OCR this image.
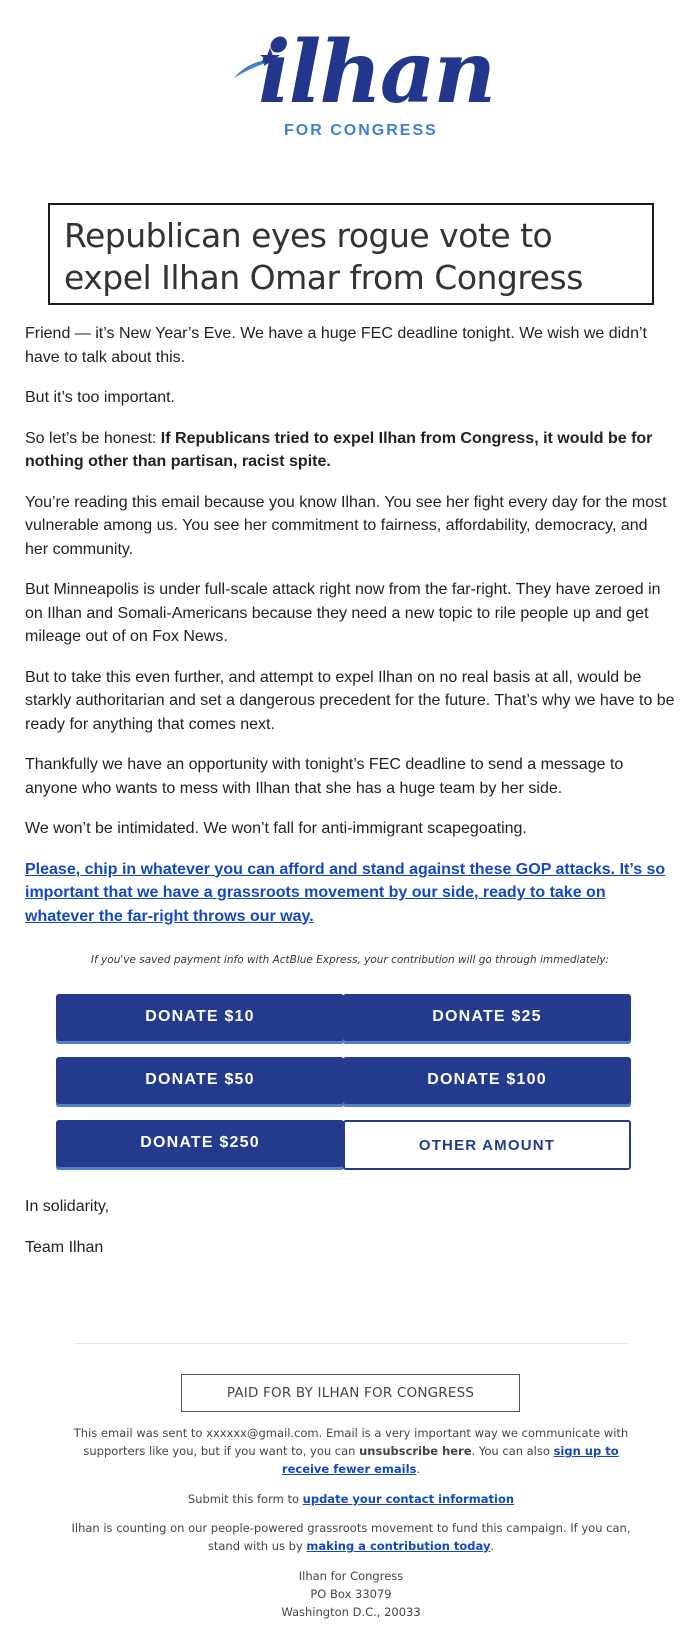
ilhan
FOR CONGRESS
Republican eyes rogue vote to expel Ilhan Omar from Congress

Friend — it’s New Year’s Eve. We have a huge FEC deadline tonight. We wish we didn’t have to talk about this.

But it’s too important.

So let’s be honest: If Republicans tried to expel Ilhan from Congress, it would be for nothing other than partisan, racist spite.

You’re reading this email because you know Ilhan. You see her fight every day for the most vulnerable among us. You see her commitment to fairness, affordability, democracy, and her community.

But Minneapolis is under full-scale attack right now from the far-right. They have zeroed in on Ilhan and Somali-Americans because they need a new topic to rile people up and get mileage out of on Fox News.

But to take this even further, and attempt to expel Ilhan on no real basis at all, would be starkly authoritarian and set a dangerous precedent for the future. That’s why we have to be ready for anything that comes next.

Thankfully we have an opportunity with tonight’s FEC deadline to send a message to anyone who wants to mess with Ilhan that she has a huge team by her side.

We won’t be intimidated. We won’t fall for anti-immigrant scapegoating.

Please, chip in whatever you can afford and stand against these GOP attacks. It’s so important that we have a grassroots movement by our side, ready to take on whatever the far-right throws our way.

If you've saved payment info with ActBlue Express, your contribution will go through immediately:
DONATE $10	DONATE $25
DONATE $50	DONATE $100
DONATE $250	OTHER AMOUNT

In solidarity,

Team Ilhan

PAID FOR BY ILHAN FOR CONGRESS
This email was sent to xxxxxx@gmail.com. Email is a very important way we communicate with supporters like you, but if you want to, you can unsubscribe here. You can also sign up to receive fewer emails.
Submit this form to update your contact information
Ilhan is counting on our people-powered grassroots movement to fund this campaign. If you can, stand with us by making a contribution today.
Ilhan for Congress
PO Box 33079
Washington D.C., 20033
